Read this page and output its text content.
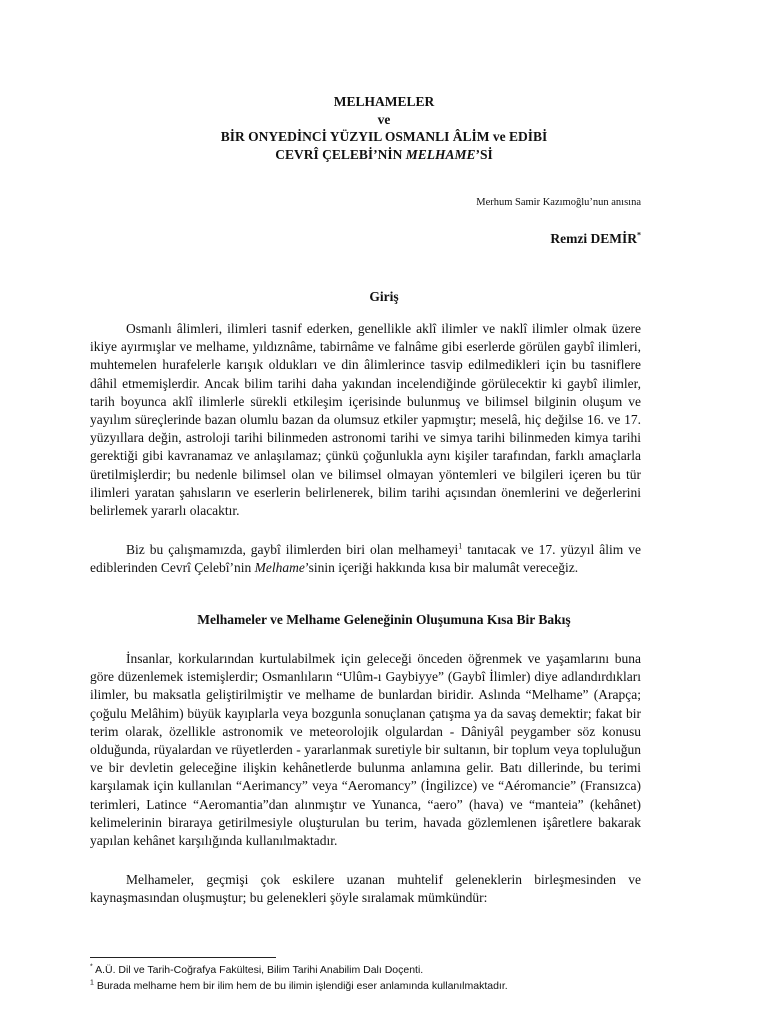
MELHAMELER
ve
BİR ONYEDİNCİ YÜZYIL OSMANLI ÂLİM ve EDİBİ
CEVRÎ ÇELEBİ’NİN MELHAME’Sİ
Merhum Samir Kazımoğlu’nun anısına
Remzi DEMİR*
Giriş
Osmanlı âlimleri, ilimleri tasnif ederken, genellikle aklî ilimler ve naklî ilimler olmak üzere ikiye ayırmışlar ve melhame, yıldıznâme, tabirnâme ve falnâme gibi eserlerde görülen gaybî ilimleri, muhtemelen hurafelerle karışık oldukları ve din âlimlerince tasvip edilmedikleri için bu tasniflere dâhil etmemişlerdir. Ancak bilim tarihi daha yakından incelendiğinde görülecektir ki gaybî ilimler, tarih boyunca aklî ilimlerle sürekli etkileşim içerisinde bulunmuş ve bilimsel bilginin oluşum ve yayılım süreçlerinde bazan olumlu bazan da olumsuz etkiler yapmıştır; meselâ, hiç değilse 16. ve 17. yüzyıllara değin, astroloji tarihi bilinmeden astronomi tarihi ve simya tarihi bilinmeden kimya tarihi gerektiği gibi kavranamaz ve anlaşılamaz; çünkü çoğunlukla aynı kişiler tarafından, farklı amaçlarla üretilmişlerdir; bu nedenle bilimsel olan ve bilimsel olmayan yöntemleri ve bilgileri içeren bu tür ilimleri yaratan şahısların ve eserlerin belirlenerek, bilim tarihi açısından önemlerini ve değerlerini belirlemek yararlı olacaktır.
Biz bu çalışmamızda, gaybî ilimlerden biri olan melhameyi$^1$ tanıtacak ve 17. yüzyıl âlim ve ediblerinden Cevrî Çelebî’nin Melhame’sinin içeriği hakkında kısa bir malumât vereceğiz.
Melhameler ve Melhame Geleneğinin Oluşumuna Kısa Bir Bakış
İnsanlar, korkularından kurtulabilmek için geleceği önceden öğrenmek ve yaşamlarını buna göre düzenlemek istemişlerdir; Osmanlıların “Ulûm-ı Gaybiyye” (Gaybî İlimler) diye adlandırdıkları ilimler, bu maksatla geliştirilmiştir ve melhame de bunlardan biridir. Aslında “Melhame” (Arapça; çoğulu Melâhim) büyük kayıplarla veya bozgunla sonuçlanan çatışma ya da savaş demektir; fakat bir terim olarak, özellikle astronomik ve meteorolojik olgulardan - Dâniyâl peygamber söz konusu olduğunda, rüyalardan ve rüyetlerden - yararlanmak suretiyle bir sultanın, bir toplum veya topluluğun ve bir devletin geleceğine ilişkin kehânetlerde bulunma anlamına gelir. Batı dillerinde, bu terimi karşılamak için kullanılan “Aerimancy” veya “Aeromancy” (İngilizce) ve “Aéromancie” (Fransızca) terimleri, Latince “Aeromantia”dan alınmıştır ve Yunanca, “aero” (hava) ve “manteia” (kehânet) kelimelerinin biraraya getirilmesiyle oluşturulan bu terim, havada gözlemlenen işâretlere bakarak yapılan kehânet karşılığında kullanılmaktadır.
Melhameler, geçmişi çok eskilere uzanan muhtelif geleneklerin birleşmesinden ve kaynaşmasından oluşmuştur; bu gelenekleri şöyle sıralamak mümkündür:
* A.Ü. Dil ve Tarih-Coğrafya Fakültesi, Bilim Tarihi Anabilim Dalı Doçenti.
$^1$ Burada melhame hem bir ilim hem de bu ilimin işlendiği eser anlamında kullanılmaktadır.
